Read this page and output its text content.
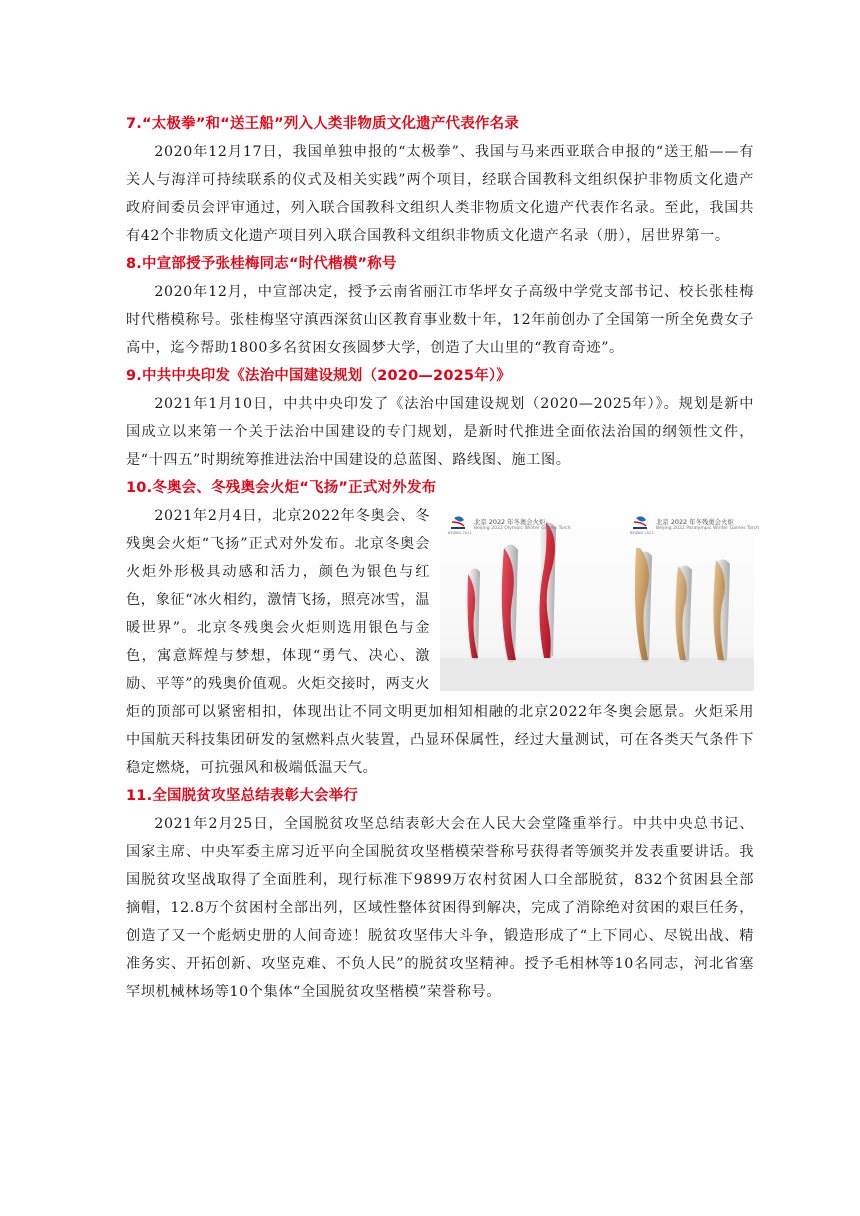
7.“太极拳”和“送王船”列入人类非物质文化遗产代表作名录

2020年12月17日，我国单独申报的“太极拳”、我国与马来西亚联合申报的“送王船——有关人与海洋可持续联系的仪式及相关实践”两个项目，经联合国教科文组织保护非物质文化遗产政府间委员会评审通过，列入联合国教科文组织人类非物质文化遗产代表作名录。至此，我国共有42个非物质文化遗产项目列入联合国教科文组织非物质文化遗产名录（册），居世界第一。

8.中宣部授予张桂梅同志“时代楷模”称号

2020年12月，中宣部决定，授予云南省丽江市华坪女子高级中学党支部书记、校长张桂梅时代楷模称号。张桂梅坚守滇西深贫山区教育事业数十年，12年前创办了全国第一所全免费女子高中，迄今帮助1800多名贫困女孩圆梦大学，创造了大山里的“教育奇迹”。

9.中共中央印发《法治中国建设规划（2020—2025年）》

2021年1月10日，中共中央印发了《法治中国建设规划（2020—2025年）》。规划是新中国成立以来第一个关于法治中国建设的专门规划，是新时代推进全面依法治国的纲领性文件，是“十四五”时期统筹推进法治中国建设的总蓝图、路线图、施工图。

10.冬奥会、冬残奥会火炬“飞扬”正式对外发布
北京 2022 年冬奥会火炬
Beijing 2022 Olympic Winter Games Torch
BEIJING 2022
北京 2022 年冬残奥会火炬
Beijing 2022 Paralympic Winter Games Torch
BEIJING 2022

2021年2月4日，北京2022年冬奥会、冬残奥会火炬“飞扬”正式对外发布。北京冬奥会火炬外形极具动感和活力，颜色为银色与红色，象征“冰火相约，激情飞扬，照亮冰雪，温暖世界”。北京冬残奥会火炬则选用银色与金色，寓意辉煌与梦想，体现“勇气、决心、激励、平等”的残奥价值观。火炬交接时，两支火炬的顶部可以紧密相扣，体现出让不同文明更加相知相融的北京2022年冬奥会愿景。火炬采用中国航天科技集团研发的氢燃料点火装置，凸显环保属性，经过大量测试，可在各类天气条件下稳定燃烧，可抗强风和极端低温天气。

11.全国脱贫攻坚总结表彰大会举行

2021年2月25日，全国脱贫攻坚总结表彰大会在人民大会堂隆重举行。中共中央总书记、国家主席、中央军委主席习近平向全国脱贫攻坚楷模荣誉称号获得者等颁奖并发表重要讲话。我国脱贫攻坚战取得了全面胜利，现行标准下9899万农村贫困人口全部脱贫，832个贫困县全部摘帽，12.8万个贫困村全部出列，区域性整体贫困得到解决，完成了消除绝对贫困的艰巨任务，创造了又一个彪炳史册的人间奇迹！脱贫攻坚伟大斗争，锻造形成了“上下同心、尽锐出战、精准务实、开拓创新、攻坚克难、不负人民”的脱贫攻坚精神。授予毛相林等10名同志，河北省塞罕坝机械林场等10个集体“全国脱贫攻坚楷模”荣誉称号。
